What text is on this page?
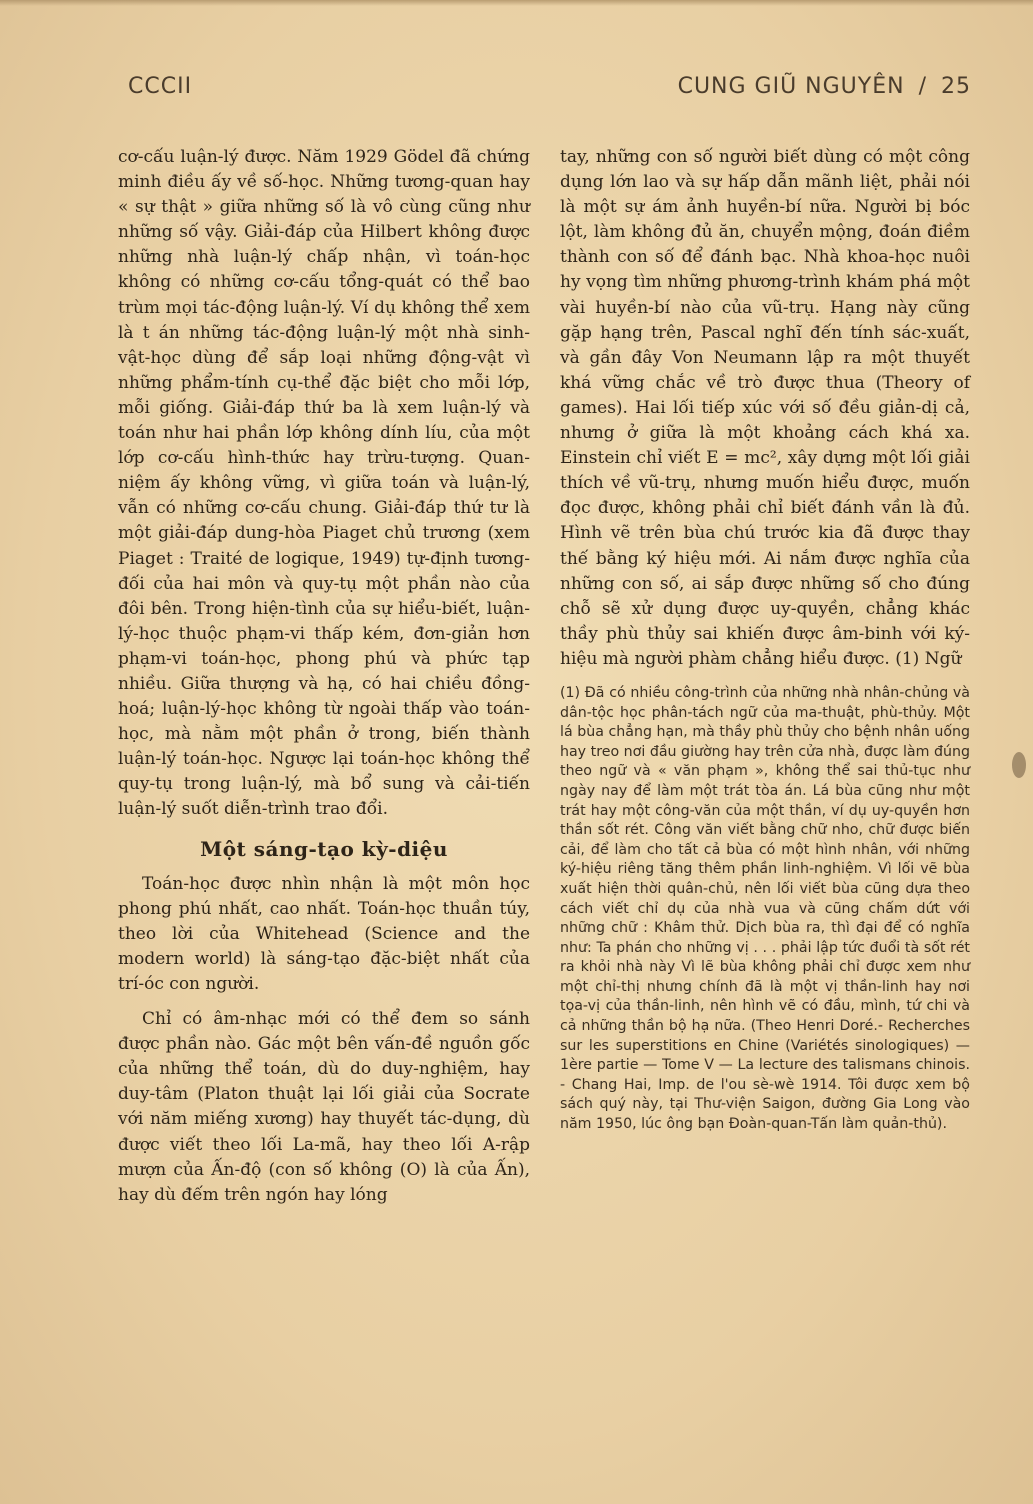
CCCII	CUNG GIŨ NGUYÊN / 25

cơ-cấu luận-lý được. Năm 1929 Gödel đã chứng minh điều ấy về số-học. Những tương-quan hay « sự thật » giữa những số là vô cùng cũng như những số vậy. Giải-đáp của Hilbert không được những nhà luận-lý chấp nhận, vì toán-học không có những cơ-cấu tổng-quát có thể bao trùm mọi tác-động luận-lý. Ví dụ không thể xem là t án những tác-động luận-lý một nhà sinh-vật-học dùng để sắp loại những động-vật vì những phẩm-tính cụ-thể đặc biệt cho mỗi lớp, mỗi giống. Giải-đáp thứ ba là xem luận-lý và toán như hai phần lớp không dính líu, của một lớp cơ-cấu hình-thức hay trừu-tượng. Quan-niệm ấy không vững, vì giữa toán và luận-lý, vẫn có những cơ-cấu chung. Giải-đáp thứ tư là một giải-đáp dung-hòa Piaget chủ trương (xem Piaget : Traité de logique, 1949) tự-định tương-đối của hai môn và quy-tụ một phần nào của đôi bên. Trong hiện-tình của sự hiểu-biết, luận-lý-học thuộc phạm-vi thấp kém, đơn-giản hơn phạm-vi toán-học, phong phú và phức tạp nhiều. Giữa thượng và hạ, có hai chiều đồng-hoá; luận-lý-học không từ ngoài thấp vào toán-học, mà nằm một phần ở trong, biến thành luận-lý toán-học. Ngược lại toán-học không thể quy-tụ trong luận-lý, mà bổ sung và cải-tiến luận-lý suốt diễn-trình trao đổi.

Một sáng-tạo kỳ-diệu

Toán-học được nhìn nhận là một môn học phong phú nhất, cao nhất. Toán-học thuần túy, theo lời của Whitehead (Science and the modern world) là sáng-tạo đặc-biệt nhất của trí-óc con người.

Chỉ có âm-nhạc mới có thể đem so sánh được phần nào. Gác một bên vấn-đề nguồn gốc của những thể toán, dù do duy-nghiệm, hay duy-tâm (Platon thuật lại lối giải của Socrate với năm miếng xương) hay thuyết tác-dụng, dù được viết theo lối La-mã, hay theo lối A-rập mượn của Ấn-độ (con số không (O) là của Ấn), hay dù đếm trên ngón hay lóng

tay, những con số người biết dùng có một công dụng lớn lao và sự hấp dẫn mãnh liệt, phải nói là một sự ám ảnh huyền-bí nữa. Người bị bóc lột, làm không đủ ăn, chuyển mộng, đoán điềm thành con số để đánh bạc. Nhà khoa-học nuôi hy vọng tìm những phương-trình khám phá một vài huyền-bí nào của vũ-trụ. Hạng này cũng gặp hạng trên, Pascal nghĩ đến tính sác-xuất, và gần đây Von Neumann lập ra một thuyết khá vững chắc về trò được thua (Theory of games). Hai lối tiếp xúc với số đều giản-dị cả, nhưng ở giữa là một khoảng cách khá xa. Einstein chỉ viết E = mc², xây dựng một lối giải thích về vũ-trụ, nhưng muốn hiểu được, muốn đọc được, không phải chỉ biết đánh vần là đủ. Hình vẽ trên bùa chú trước kia đã được thay thế bằng ký hiệu mới. Ai nắm được nghĩa của những con số, ai sắp được những số cho đúng chỗ sẽ xử dụng được uy-quyền, chẳng khác thầy phù thủy sai khiến được âm-binh với ký-hiệu mà người phàm chẳng hiểu được. (1) Ngữ

(1) Đã có nhiều công-trình của những nhà nhân-chủng và dân-tộc học phân-tách ngữ của ma-thuật, phù-thủy. Một lá bùa chẳng hạn, mà thầy phù thủy cho bệnh nhân uống hay treo nơi đầu giường hay trên cửa nhà, được làm đúng theo ngữ và « văn phạm », không thể sai thủ-tục như ngày nay để làm một trát tòa án. Lá bùa cũng như một trát hay một công-văn của một thần, ví dụ uy-quyền hơn thần sốt rét. Công văn viết bằng chữ nho, chữ được biến cải, để làm cho tất cả bùa có một hình nhân, với những ký-hiệu riêng tăng thêm phần linh-nghiệm. Vì lối vẽ bùa xuất hiện thời quân-chủ, nên lối viết bùa cũng dựa theo cách viết chỉ dụ của nhà vua và cũng chấm dứt với những chữ : Khâm thử. Dịch bùa ra, thì đại để có nghĩa như: Ta phán cho những vị . . . phải lập tức đuổi tà sốt rét ra khỏi nhà này Vì lẽ bùa không phải chỉ được xem như một chỉ-thị nhưng chính đã là một vị thần-linh hay nơi tọa-vị của thần-linh, nên hình vẽ có đầu, mình, tứ chi và cả những thần bộ hạ nữa. (Theo Henri Doré.- Recherches sur les superstitions en Chine (Variétés sinologiques) — 1ère partie — Tome V — La lecture des talismans chinois. - Chang Hai, Imp. de l'ou sè-wè 1914. Tôi được xem bộ sách quý này, tại Thư-viện Saigon, đường Gia Long vào năm 1950, lúc ông bạn Đoàn-quan-Tấn làm quản-thủ).
